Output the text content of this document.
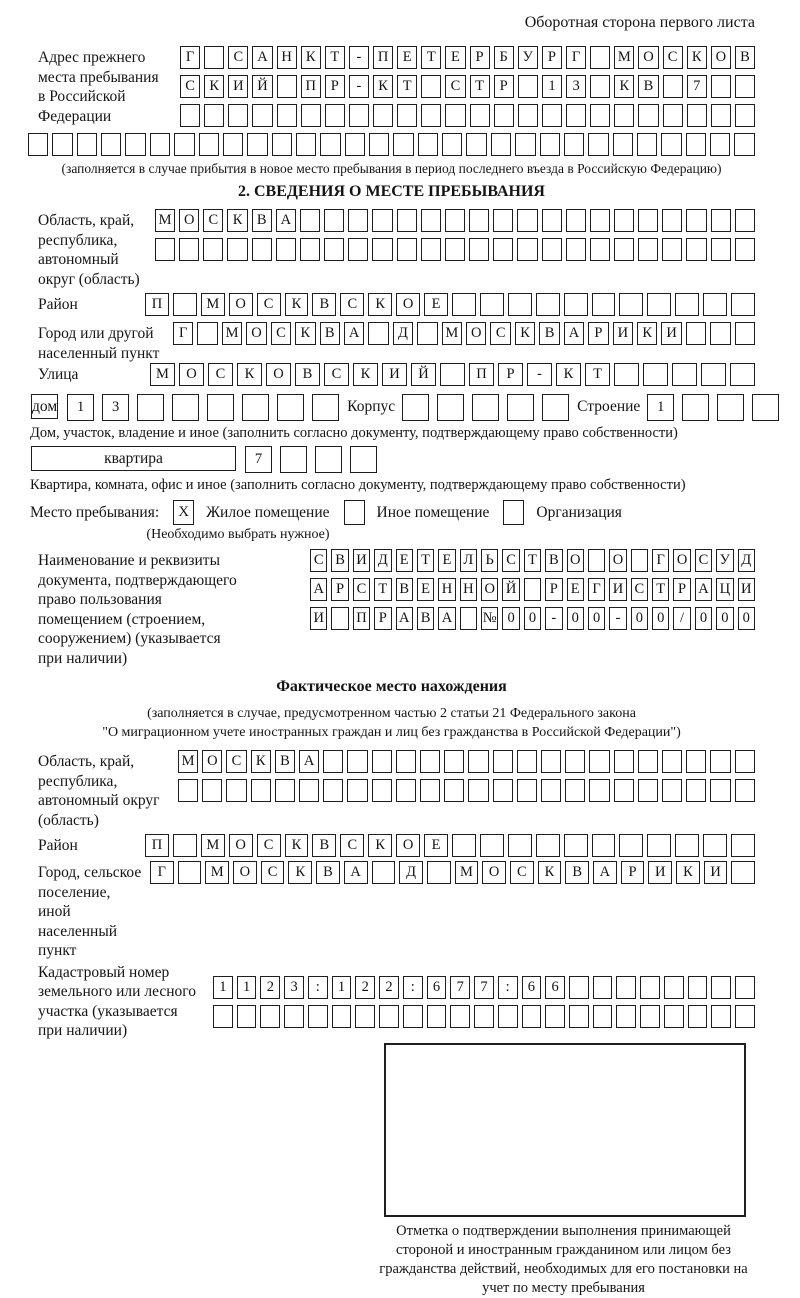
Оборотная сторона первого листа
Адрес прежнего
места пребывания
в Российской
Федерации
Г	С А Н К	Т	-	П Е	Т	Е	Р	Б	У	Р	Г	М О С К О В
С К И Й	П	Р	-	К	Т	С	Т	Р	1	3	К В	7
(заполняется в случае прибытия в новое место пребывания в период последнего въезда в Российскую Федерацию)
2. СВЕДЕНИЯ О МЕСТЕ ПРЕБЫВАНИЯ
Область, край,
республика,
автономный
округ (область)
М О С К В А
Район	П	М	О	С	К	В	С	К	О	Е
Город или другой
населенный пункт
Г	М О С	К	В А	Д	М О С	К	В А	Р	И К И
Улица	М	О	С	К	О	В	С	К	И	Й	П	Р	-	К	Т
дом	1	3	Корпус	Строение	1
Дом, участок, владение и иное (заполнить согласно документу, подтверждающему право собственности)
квартира	7
Квартира, комната, офис и иное (заполнить согласно документу, подтверждающему право собственности)
Место пребывания:	X	Жилое помещение	Иное помещение	Организация
(Необходимо выбрать нужное)
Наименование и реквизиты
документа, подтверждающего
право пользования
помещением (строением,
сооружением) (указывается
при наличии)
С В И Д Е Т Е Л Ь С Т В О О	Г О С У Д
А Р С Т В Е Н Н О Й	Р Е Г И С Т Р А Ц И
И П Р А В А № 0 0	-	0 0	-	0 0	/	0 0 0
Фактическое место нахождения
(заполняется в случае, предусмотренном частью 2 статьи 21 Федерального закона
"О миграционном учете иностранных граждан и лиц без гражданства в Российской Федерации")
Область, край,
республика,
автономный округ
(область)
М О С	К	В А
Район	П	М	О	С	К	В	С	К	О	Е
Город, сельское поселение,
иной населенный пункт
Г	М	О	С	К	В	А	Д	М	О	С	К	В	А	Р	И	К	И
Кадастровый номер
земельного или лесного
участка (указывается
при наличии)
1	1	2	3	:	1	2	2	:	6	7	7	:	6	6
Отметка о подтверждении выполнения принимающей стороной и иностранным гражданином или лицом без гражданства действий, необходимых для его постановки на учет по месту пребывания
